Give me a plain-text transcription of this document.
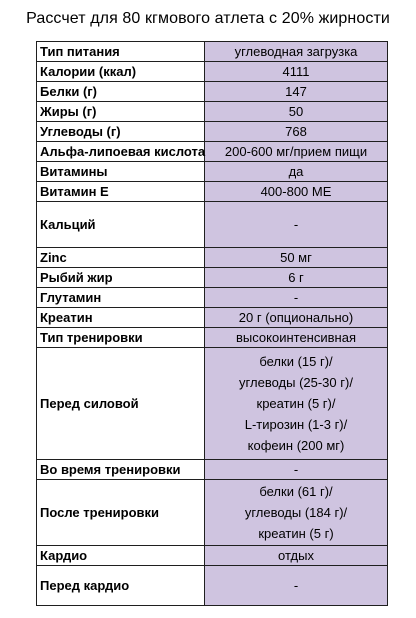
Рассчет для 80 кгмового атлета с 20% жирности
Тип питания	углеводная загрузка
Калории (ккал)	4111
Белки (г)	147
Жиры (г)	50
Углеводы (г)	768
Альфа-липоевая кислота	200-600 мг/прием пищи
Витамины	да
Витамин Е	400-800 МЕ
Кальций	-
Zinc	50 мг
Рыбий жир	6 г
Глутамин	-
Креатин	20 г (опционально)
Тип тренировки	высокоинтенсивная
Перед силовой	белки (15 г)/
углеводы (25-30 г)/
креатин (5 г)/
L-тирозин (1-3 г)/
кофеин (200 мг)

Во время тренировки	-
После тренировки	белки (61 г)/
углеводы (184 г)/
креатин (5 г)

Кардио	отдых
Перед кардио	-
